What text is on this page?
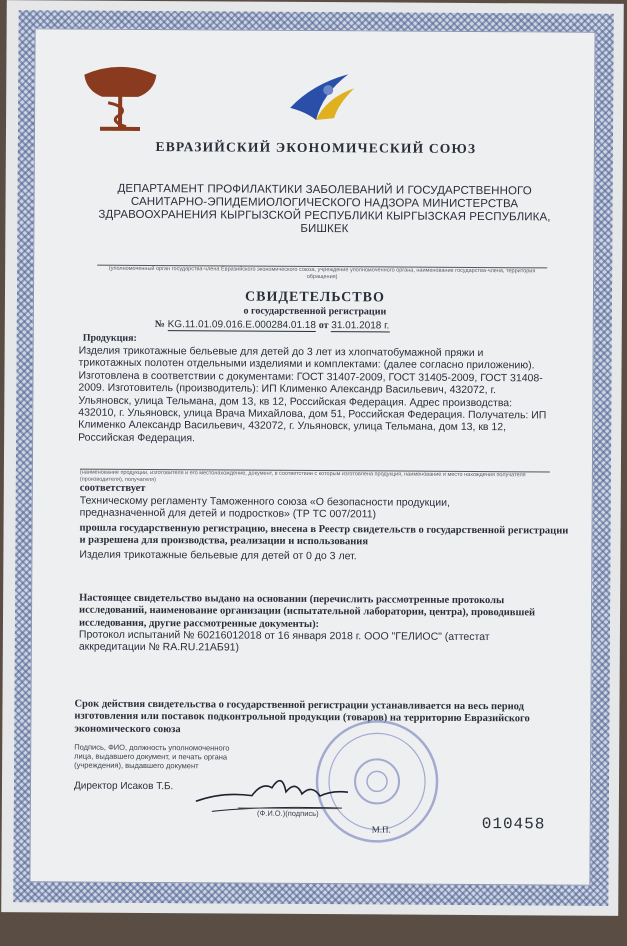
ЕВРАЗИЙСКИЙ ЭКОНОМИЧЕСКИЙ СОЮЗ
ДЕПАРТАМЕНТ ПРОФИЛАКТИКИ ЗАБОЛЕВАНИЙ И ГОСУДАРСТВЕННОГО САНИТАРНО-ЭПИДЕМИОЛОГИЧЕСКОГО НАДЗОРА МИНИСТЕРСТВА ЗДРАВООХРАНЕНИЯ КЫРГЫЗСКОЙ РЕСПУБЛИКИ КЫРГЫЗСКАЯ РЕСПУБЛИКА, БИШКЕК
(уполномоченный орган государства-члена Евразийского экономического союза, учреждение уполномоченного органа, наименование государства-члена, территория обращения)
СВИДЕТЕЛЬСТВО
о государственной регистрации
№ KG.11.01.09.016.Е.000284.01.18 от 31.01.2018 г.
Продукция:
Изделия трикотажные бельевые для детей до 3 лет из хлопчатобумажной пряжи и трикотажных полотен отдельными изделиями и комплектами: (далее согласно приложению). Изготовлена в соответствии с документами: ГОСТ 31407-2009, ГОСТ 31405-2009, ГОСТ 31408-2009. Изготовитель (производитель): ИП Клименко Александр Васильевич, 432072, г. Ульяновск, улица Тельмана, дом 13, кв 12, Российская Федерация. Адрес производства: 432010, г. Ульяновск, улица Врача Михайлова, дом 51, Российская Федерация. Получатель: ИП Клименко Александр Васильевич, 432072, г. Ульяновск, улица Тельмана, дом 13, кв 12, Российская Федерация.
(наименование продукции, изготовителя и его местонахождение, документ, в соответствии с которым изготовлена продукция, наименование и место нахождения получателя (производителя), получателя)
соответствует
Техническому регламенту Таможенного союза «О безопасности продукции, предназначенной для детей и подростков» (ТР ТС 007/2011)
прошла государственную регистрацию, внесена в Реестр свидетельств о государственной регистрации и разрешена для производства, реализации и использования
Изделия трикотажные бельевые для детей от 0 до 3 лет.
Настоящее свидетельство выдано на основании (перечислить рассмотренные протоколы исследований, наименование организации (испытательной лаборатории, центра), проводившей исследования, другие рассмотренные документы):
Протокол испытаний № 60216012018 от 16 января 2018 г. ООО "ГЕЛИОС" (аттестат аккредитации № RA.RU.21АБ91)
Срок действия свидетельства о государственной регистрации устанавливается на весь период изготовления или поставок подконтрольной продукции (товаров) на территорию Евразийского экономического союза
Подпись, ФИО, должность уполномоченного лица, выдавшего документ, и печать органа (учреждения), выдавшего документ
Директор Исаков Т.Б.
(Ф.И.О.)(подпись)
М.П.	010458
